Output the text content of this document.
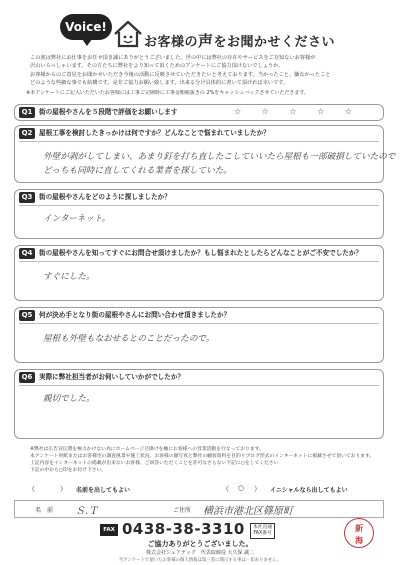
Voice!
お客様の声をお聞かせください

この度は弊社にお仕事をお任せ頂き誠にありがとうございました。世の中には弊社の存在やサービスをご存知ないお客様が

沢山いらっしゃいます。その方たちに弊社をより知って頂くためのアンケートにご協力頂けないでしょうか。

お客様からのご意見をお聞かせいただき今後の活動に反映させていただきたいと考えております。当かったこと、嫌なかったこと

どのような些細な事でも結構です。是非ご協力お願い致します。出来る分け具体的に書いて頂ければ幸いです。

※本アンケートにご記入いただいたお客様には工事ご完納時に工事金額税抜きの 2%をキャッシュバックさせていただきます。
Q1 街の屋根やさんを５段階で評価をお願いします	☆ ☆ ☆ ☆ ☆
Q2 屋根工事を検討したきっかけは何ですか？どんなことで悩まれていましたか？
外壁が剥がしてしまい、あまり釘を打ち直したこしていいたら屋根も一部破損していたので
どっちも同時に直してくれる業者を探していた。
Q3 街の屋根やさんをどのように探しましたか？
インターネット。
Q4 街の屋根やさんを知ってすぐにお問合せ頂けましたか？もし悩まれたとしたらどんなことがご不安でしたか？
すぐにした。
Q5 何が決め手となり街の屋根やさんにお問い合わせ頂きましたか？
屋根も外壁もなおせるとのことだったので。
Q6 実際に弊社担当者がお伺いしていかがでしたか？
親切でした。

※弊社は広告宣伝費を極力かけない為にホームページ目掛けを軸にお客様への営業活動を行なっております。

本アンケート用紙またはお客様宅の調査風景や施工状況、お客様の顔写真と弊社の顧客資料を目的リプログ形式のインターネットに掲載させて頂いております。

上記内容をインターネットの掲載が出来ないお客様、ご回答いただくことを許可なさらない下記に○をしてください

下記の中から○印をお付け下さい。

（	） 名前を出してもよい	（ ○ ） イニシャルなら出してもよい
名　前 Ｓ.Ｔ	ご住所 横浜市港北区篠原町
FAX 0438-38-3310 本社直通
FAX番号
新
海
ご協力ありがとうございました。
株式会社シェアテック　代表取締役 大久保 誠二
当アンケートで頂いたお客様の個人情報は第三者に開示する事は一切ありません。
